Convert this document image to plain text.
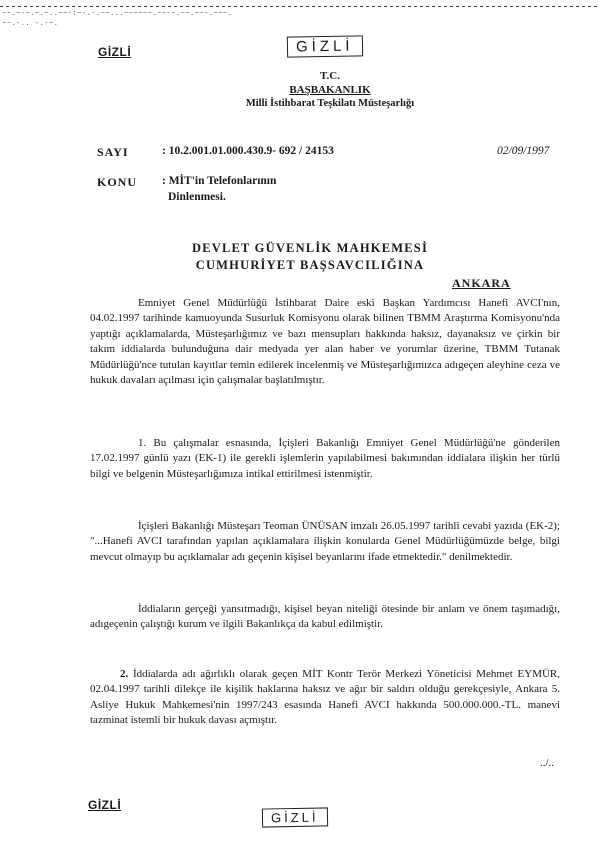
~~.~-~.~.~..~~-:~-.-.~~...~~~~~~.~~-~.~~.~~-.~~~.
~~.-.. -.-~.
GİZLİ	GİZLİ
T.C.
BAŞBAKANLIK
Milli İstihbarat Teşkilatı Müsteşarlığı
SAYI	: 10.2.001.01.000.430.9- 692 / 24153	02/09/1997
KONU : MİT'in Telefonlarının
Dinlenmesi.
DEVLET GÜVENLİK MAHKEMESİ
CUMHURİYET BAŞSAVCILIĞINA
ANKARA
Emniyet Genel Müdürlüğü İstihbarat Daire eski Başkan Yardımcısı Hanefi AVCI'nın, 04.02.1997 tarihinde kamuoyunda Susurluk Komisyonu olarak bilinen TBMM Araştırma Komisyonu'nda yaptığı açıklamalarda, Müsteşarlığımız ve bazı mensupları hakkında haksız, dayanaksız ve çirkin bir takım iddialarda bulunduğuna dair medyada yer alan haber ve yorumlar üzerine, TBMM Tutanak Müdürlüğü'nce tutulan kayıtlar temin edilerek incelenmiş ve Müsteşarlığımızca adıgeçen aleyhine ceza ve hukuk davaları açılması için çalışmalar başlatılmıştır.
1. Bu çalışmalar esnasında, İçişleri Bakanlığı Emniyet Genel Müdürlüğü'ne gönderilen 17.02.1997 günlü yazı (EK-1) ile gerekli işlemlerin yapılabilmesi bakımından iddialara ilişkin her türlü bilgi ve belgenin Müsteşarlığımıza intikal ettirilmesi istenmiştir.
İçişleri Bakanlığı Müsteşarı Teoman ÜNÜSAN imzalı 26.05.1997 tarihli cevabi yazıda (EK-2); "...Hanefi AVCI tarafından yapılan açıklamalara ilişkin konularda Genel Müdürlüğümüzde belge, bilgi mevcut olmayıp bu açıklamalar adı geçenin kişisel beyanlarını ifade etmektedir." denilmektedir.
İddiaların gerçeği yansıtmadığı, kişisel beyan niteliği ötesinde bir anlam ve önem taşımadığı, adıgeçenin çalıştığı kurum ve ilgili Bakanlıkça da kabul edilmiştir.
2. İddialarda adı ağırlıklı olarak geçen MİT Kontr Terör Merkezi Yöneticisi Mehmet EYMÜR, 02.04.1997 tarihli dilekçe ile kişilik haklarına haksız ve ağır bir saldırı olduğu gerekçesiyle, Ankara 5. Asliye Hukuk Mahkemesi'nin 1997/243 esasında Hanefi AVCI hakkında 500.000.000.-TL. manevi tazminat istemli bir hukuk davası açmıştır.
../..
GİZLİ
GİZLİ
